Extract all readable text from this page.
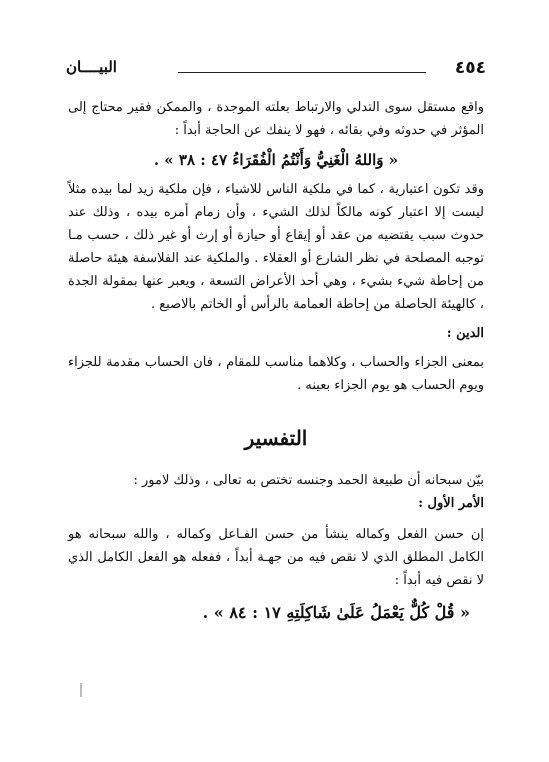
٤٥٤
البيــــان

واقع مستقل سوى التدلي والارتباط بعلته الموجدة ، والممكن فقير محتاج إلى المؤثر في حدوثه وفي بقائه ، فهو لا ينفك عن الحاجة أبداً :

« وَاللهُ الْغَنِيُّ وَأَنْتُمُ الْفُقَرَاءُ ٤٧ : ٣٨ » .

وقد تكون اعتبارية ، كما في ملكية الناس للاشياء ، فإن ملكية زيد لما بيده مثلاً ليست إلا اعتبار كونه مالكاً لذلك الشيء ، وأن زمام أمره بيده ، وذلك عند حدوث سبب يقتضيه من عقد أو إيقاع أو حيازة أو إرث أو غير ذلك ، حسب مـا توجبه المصلحة في نظر الشارع أو العقلاء . والملكية عند الفلاسفة هيئة حاصلة من إحاطة شيء بشيء ، وهي أحد الأعراض التسعة ، ويعبر عنها بمقولة الجدة ، كالهيئة الحاصلة من إحاطة العمامة بالرأس أو الخاتم بالاصبع .

الدين :

بمعنى الجزاء والحساب ، وكلاهما مناسب للمقام ، فان الحساب مقدمة للجزاء ويوم الحساب هو يوم الجزاء بعينه .

التفسير

بيّن سبحانه أن طبيعة الحمد وجنسه تختص به تعالى ، وذلك لامور :

الأمر الأول :

إن حسن الفعل وكماله ينشأ من حسن الفـاعل وكماله ، والله سبحانه هو الكامل المطلق الذي لا نقص فيه من جهـة أبداً ، ففعله هو الفعل الكامل الذي لا نقص فيه أبداً :

« قُلْ كُلٌّ يَعْمَلُ عَلَىٰ شَاكِلَتِهِ ١٧ : ٨٤ » .
